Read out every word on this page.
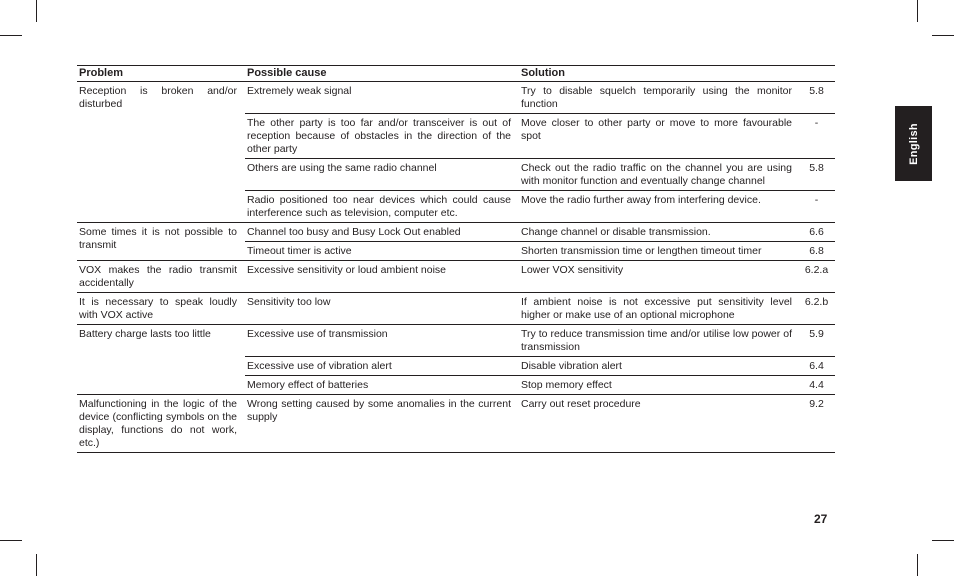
Problem	Possible cause	Solution	
Reception is broken and/or disturbed	Extremely weak signal	Try to disable squelch temporarily using the monitor function	5.8
	The other party is too far and/or transceiver is out of reception because of obstacles in the direction of the other party	Move closer to other party or move to more favourable spot	-
	Others are using the same radio channel	Check out the radio traffic on the channel you are using with monitor function and eventually change channel	5.8
	Radio positioned too near devices which could cause interference such as television, computer etc.	Move the radio further away from interfering device.	-
Some times it is not possible to transmit	Channel too busy and Busy Lock Out enabled	Change channel or disable transmission.	6.6
	Timeout timer is active	Shorten transmission time or lengthen timeout timer	6.8
VOX makes the radio transmit accidentally	Excessive sensitivity or loud ambient noise	Lower VOX sensitivity	6.2.a
It is necessary to speak loudly with VOX active	Sensitivity too low	If ambient noise is not excessive put sensitivity level higher or make use of an optional microphone	6.2.b
Battery charge lasts too little	Excessive use of transmission	Try to reduce transmission time and/or utilise low power of transmission	5.9
	Excessive use of vibration alert	Disable vibration alert	6.4
	Memory effect of batteries	Stop memory effect	4.4
Malfunctioning in the logic of the device (conflicting symbols on the display, functions do not work, etc.)	Wrong setting caused by some anomalies in the current supply	Carry out reset procedure	9.2
English
27
